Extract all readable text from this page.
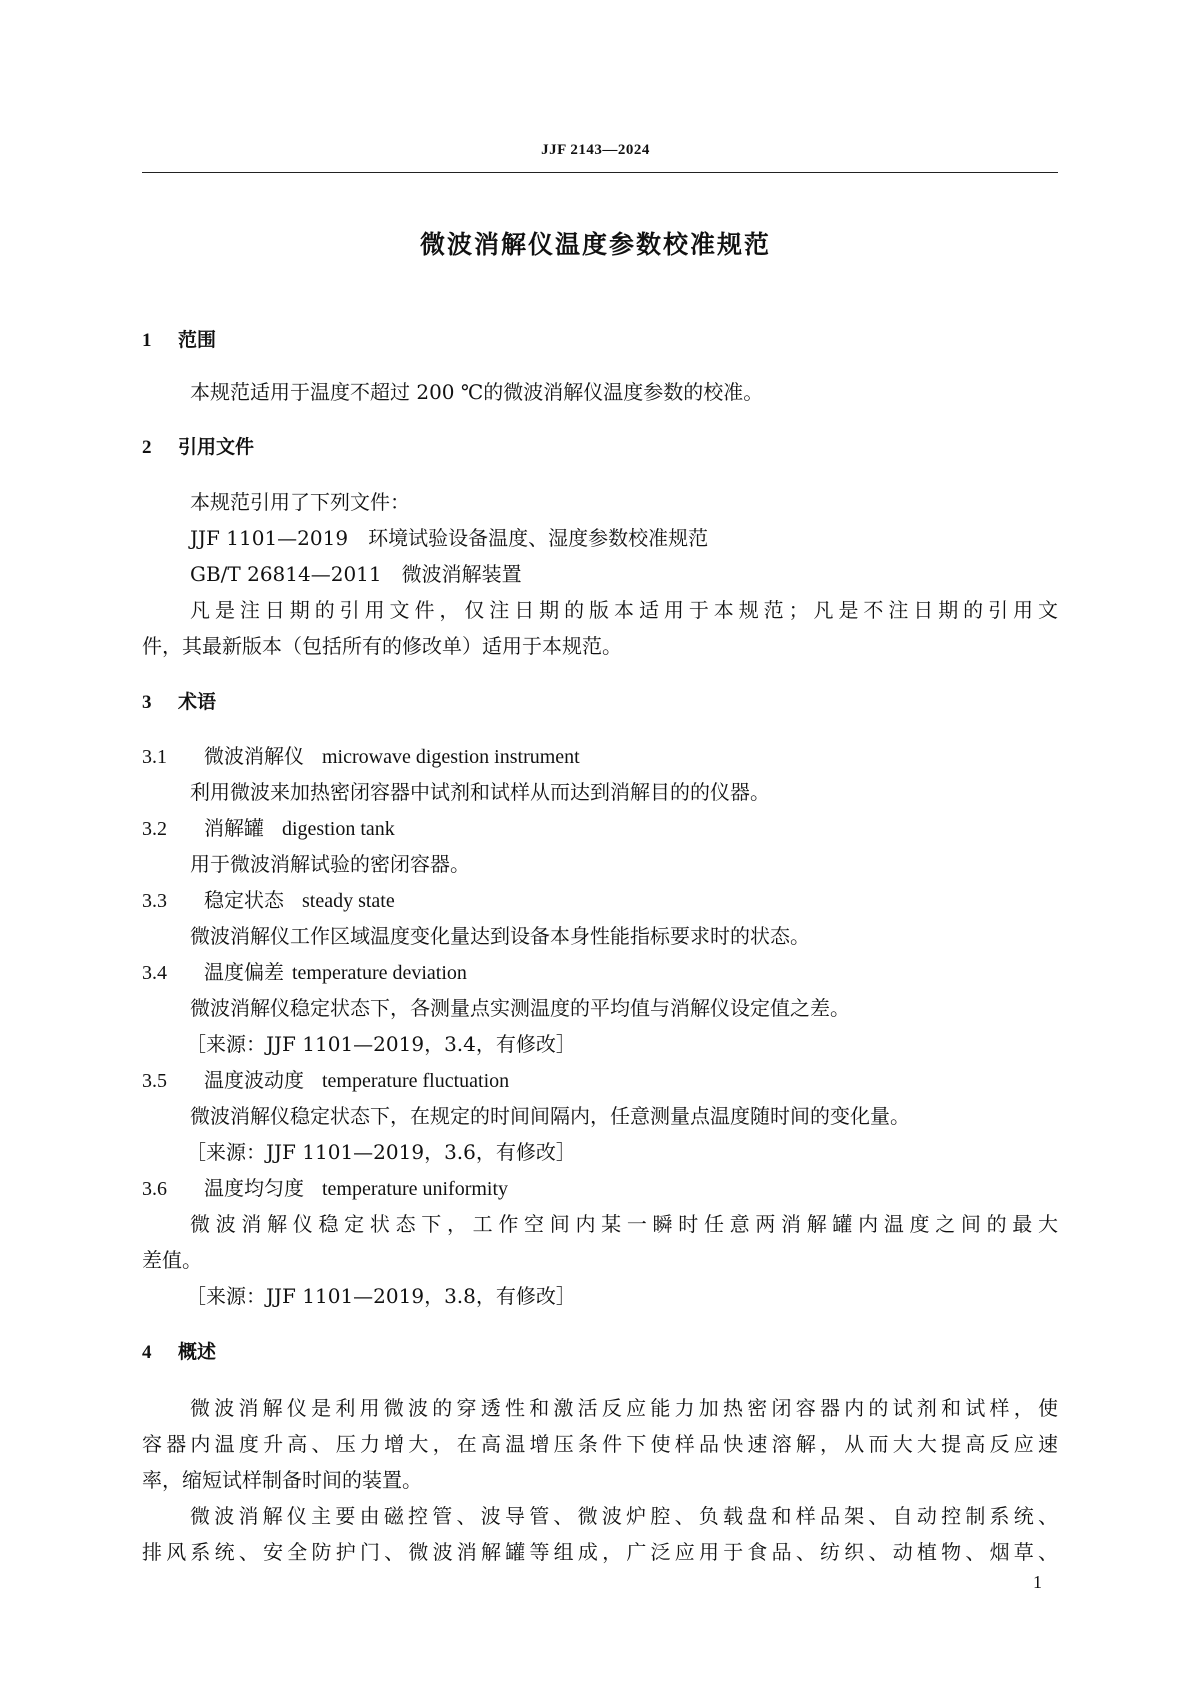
JJF 2143—2024
微波消解仪温度参数校准规范
1 范围
本规范适用于温度不超过 200 ℃的微波消解仪温度参数的校准。
2 引用文件
本规范引用了下列文件：
JJF 1101—2019　环境试验设备温度、湿度参数校准规范
GB/T 26814—2011　微波消解装置
凡是注日期的引用文件，仅注日期的版本适用于本规范；凡是不注日期的引用文
件，其最新版本（包括所有的修改单）适用于本规范。
3 术语
3.1 微波消解仪 microwave digestion instrument
利用微波来加热密闭容器中试剂和试样从而达到消解目的的仪器。
3.2 消解罐 digestion tank
用于微波消解试验的密闭容器。
3.3 稳定状态 steady state
微波消解仪工作区域温度变化量达到设备本身性能指标要求时的状态。
3.4 温度偏差 temperature deviation
微波消解仪稳定状态下，各测量点实测温度的平均值与消解仪设定值之差。
［来源：JJF 1101—2019，3.4，有修改］
3.5 温度波动度 temperature fluctuation
微波消解仪稳定状态下，在规定的时间间隔内，任意测量点温度随时间的变化量。
［来源：JJF 1101—2019，3.6，有修改］
3.6 温度均匀度 temperature uniformity
微波消解仪稳定状态下，工作空间内某一瞬时任意两消解罐内温度之间的最大
差值。
［来源：JJF 1101—2019，3.8，有修改］
4 概述
微波消解仪是利用微波的穿透性和激活反应能力加热密闭容器内的试剂和试样，使
容器内温度升高、压力增大，在高温增压条件下使样品快速溶解，从而大大提高反应速
率，缩短试样制备时间的装置。
微波消解仪主要由磁控管、波导管、微波炉腔、负载盘和样品架、自动控制系统、
排风系统、安全防护门、微波消解罐等组成，广泛应用于食品、纺织、动植物、烟草、
1
